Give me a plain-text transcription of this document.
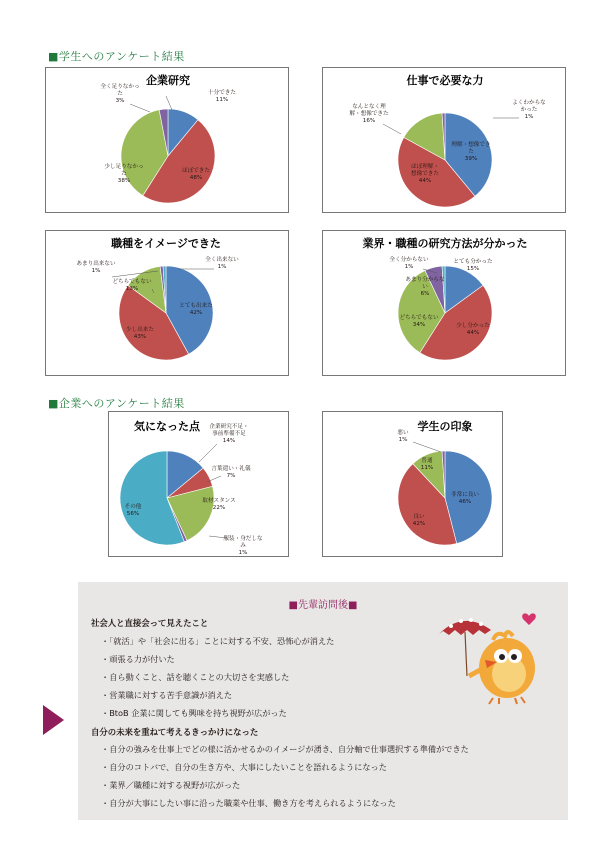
■学生へのアンケート結果
企業研究
十分できた 11%
ほぼできた 48%
少し足りなかった 38%
全く足りなかった 3%
仕事で必要な力
理解・想像できた 39%
ほぼ理解・想像できた 44%
なんとなく理解・想像できた 16%
よくわからなかった 1%
職種をイメージできた
とても出来た 42%
少し出来た 43%
どちらでもない 13%
あまり出来ない 1%
全く出来ない 1%
業界・職種の研究方法が分かった
とても分かった 15%
少し分かった 44%
どちらでもない 34%
あまり分からない 6%
全く分からない 1%
■企業へのアンケート結果
気になった点 企業研究不足・事前準備不足 14%
言葉遣い・礼儀 7%
取材スタンス 22%
服装・身だしなみ 1%
その他 56%
学生の印象
非常に良い 46%
良い 42%
普通 11%
悪い 1%
■先輩訪問後■
社会人と直接会って見えたこと
・「就活」や「社会に出る」ことに対する不安、恐怖心が消えた
・頑張る力が付いた
・自ら動くこと、話を聴くことの大切さを実感した
・営業職に対する苦手意識が消えた
・BtoB 企業に関しても興味を持ち視野が広がった
自分の未来を重ねて考えるきっかけになった
・自分の強みを仕事上でどの様に活かせるかのイメージが湧き、自分軸で仕事選択する準備ができた
・自分のコトバで、自分の生き方や、大事にしたいことを語れるようになった
・業界／職種に対する視野が広がった
・自分が大事にしたい事に沿った職業や仕事、働き方を考えられるようになった
